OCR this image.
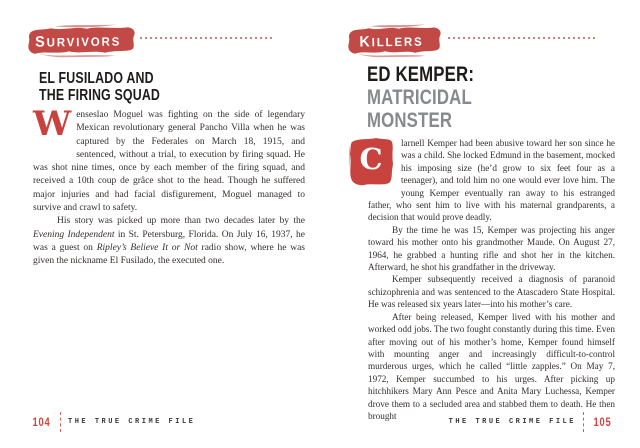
SURVIVORS
EL FUSILADO AND
THE FIRING SQUAD

Wenseslao Moguel was fighting on the side of legendary Mexican revolutionary general Pancho Villa when he was captured by the Federales on March 18, 1915, and sentenced, without a trial, to execution by firing squad. He was shot nine times, once by each member of the firing squad, and received a 10th coup de grâce shot to the head. Though he suffered major injuries and had facial disfigurement, Moguel managed to survive and crawl to safety.

His story was picked up more than two decades later by the Evening Independent in St. Petersburg, Florida. On July 16, 1937, he was a guest on Ripley’s Believe It or Not radio show, where he was given the nickname El Fusilado, the executed one.

104	THE TRUE CRIME FILE
KILLERS
ED KEMPER:
MATRICIDAL
MONSTER

C	larnell Kemper had been abusive toward her son since he was a child. She locked Edmund in the basement, mocked his imposing size (he’d grow to six feet four as a teenager), and told him no one would ever love him. The young Kemper eventually ran away to his estranged father, who sent him to live with his maternal grandparents, a decision that would prove deadly.

By the time he was 15, Kemper was projecting his anger toward his mother onto his grandmother Maude. On August 27, 1964, he grabbed a hunting rifle and shot her in the kitchen. Afterward, he shot his grandfather in the driveway.

Kemper subsequently received a diagnosis of paranoid schizophrenia and was sentenced to the Atascadero State Hospital. He was released six years later—into his mother’s care.

After being released, Kemper lived with his mother and worked odd jobs. The two fought constantly during this time. Even after moving out of his mother’s home, Kemper found himself with mounting anger and increasingly difficult-to-control murderous urges, which he called “little zapples.” On May 7, 1972, Kemper succumbed to his urges. After picking up hitchhikers Mary Ann Pesce and Anita Mary Luchessa, Kemper drove them to a secluded area and stabbed them to death. He then brought

THE TRUE CRIME FILE 105
